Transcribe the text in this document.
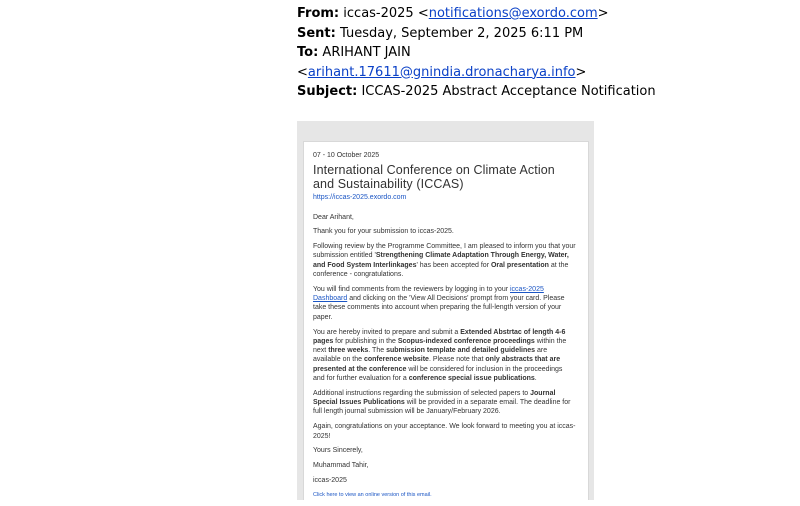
From: iccas-2025 <notifications@exordo.com>
Sent: Tuesday, September 2, 2025 6:11 PM
To: ARIHANT JAIN
<arihant.17611@gnindia.dronacharya.info>
Subject: ICCAS-2025 Abstract Acceptance Notification

07 - 10 October 2025

International Conference on Climate Action and Sustainability (ICCAS)

https://iccas-2025.exordo.com

Dear Arihant,

Thank you for your submission to iccas-2025.

Following review by the Programme Committee, I am pleased to inform you that your submission entitled 'Strengthening Climate Adaptation Through Energy, Water, and Food System Interlinkages' has been accepted for Oral presentation at the conference - congratulations.

You will find comments from the reviewers by logging in to your iccas-2025 Dashboard and clicking on the 'View All Decisions' prompt from your card. Please take these comments into account when preparing the full-length version of your paper.

You are hereby invited to prepare and submit a Extended Abstrtac of length 4-6 pages for publishing in the Scopus-indexed conference proceedings within the next three weeks. The submission template and detailed guidelines are available on the conference website. Please note that only abstracts that are presented at the conference will be considered for inclusion in the proceedings and for further evaluation for a conference special issue publications.

Additional instructions regarding the submission of selected papers to Journal Special Issues Publications will be provided in a separate email. The deadline for full length journal submission will be January/February 2026.

Again, congratulations on your acceptance. We look forward to meeting you at iccas-2025!

Yours Sincerely,

Muhammad Tahir,

iccas-2025

Click here to view an online version of this email.
